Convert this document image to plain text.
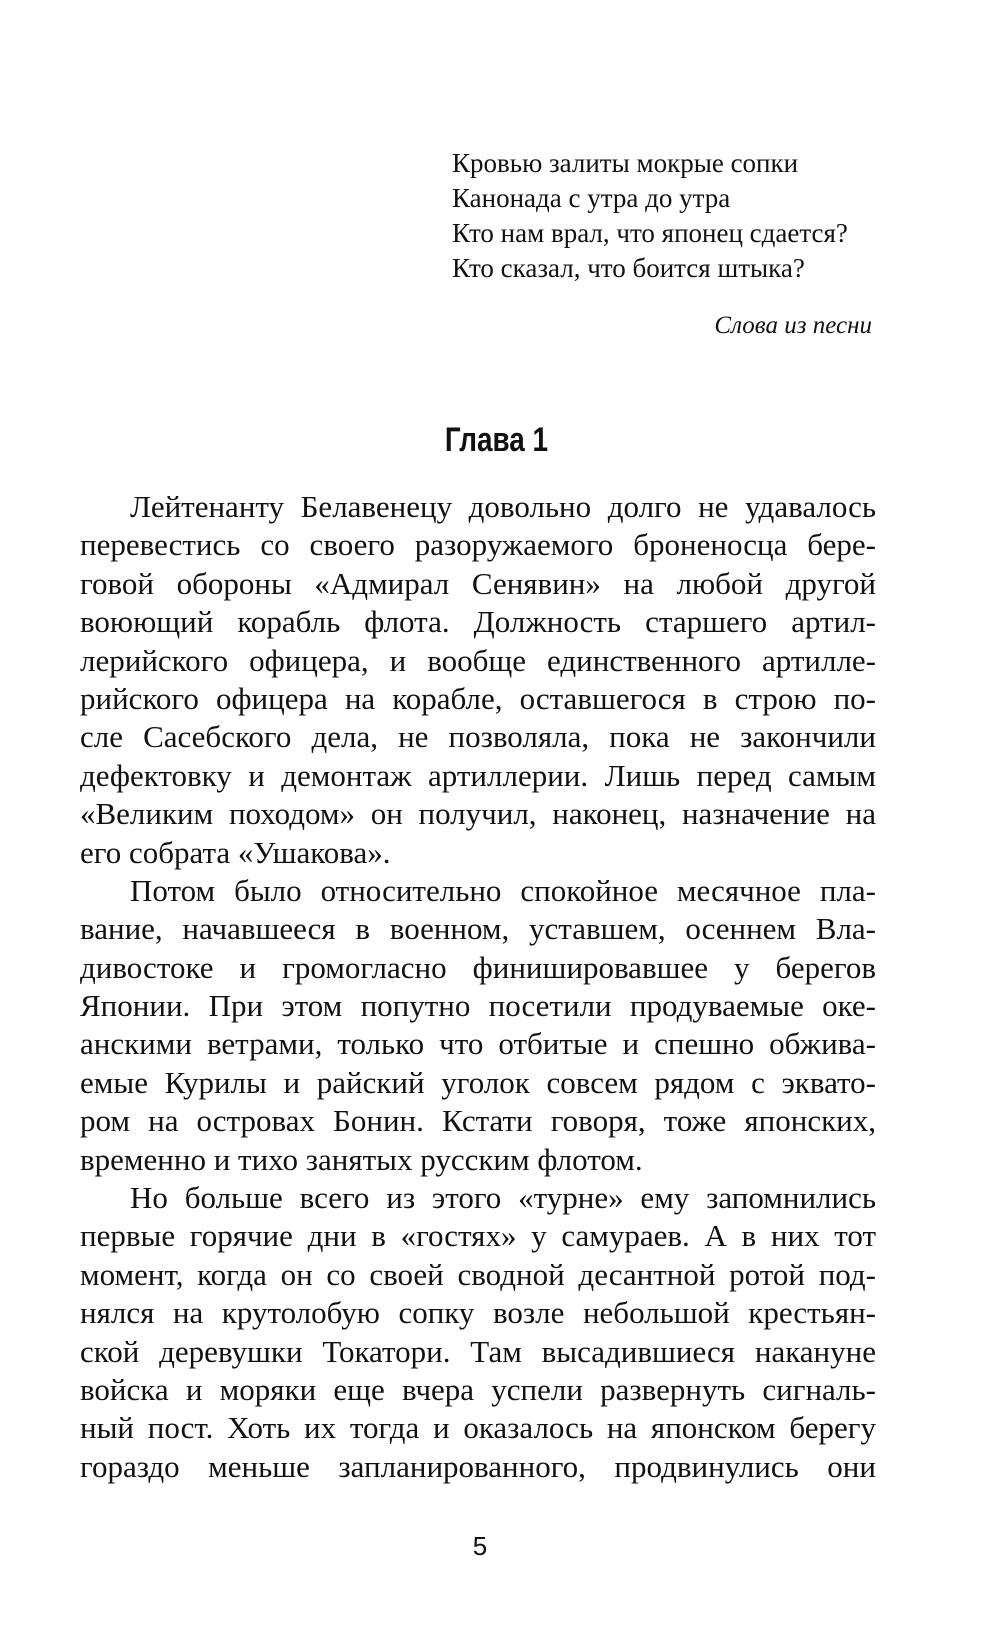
Кровью залиты мокрые сопки
Канонада с утра до утра
Кто нам врал, что японец сдается?
Кто сказал, что боится штыка?
Слова из песни
Глава 1
Лейтенанту Белавенецу довольно долго не удавалось
перевестись со своего разоружаемого броненосца бере-
говой обороны «Адмирал Сенявин» на любой другой
воюющий корабль флота. Должность старшего артил-
лерийского офицера, и вообще единственного артилле-
рийского офицера на корабле, оставшегося в строю по-
сле Сасебского дела, не позволяла, пока не закончили
дефектовку и демонтаж артиллерии. Лишь перед самым
«Великим походом» он получил, наконец, назначение на
его собрата «Ушакова».
Потом было относительно спокойное месячное пла-
вание, начавшееся в военном, уставшем, осеннем Вла-
дивостоке и громогласно финишировавшее у берегов
Японии. При этом попутно посетили продуваемые оке-
анскими ветрами, только что отбитые и спешно обжива-
емые Курилы и райский уголок совсем рядом с эквато-
ром на островах Бонин. Кстати говоря, тоже японских,
временно и тихо занятых русским флотом.
Но больше всего из этого «турне» ему запомнились
первые горячие дни в «гостях» у самураев. А в них тот
момент, когда он со своей сводной десантной ротой под-
нялся на крутолобую сопку возле небольшой крестьян-
ской деревушки Токатори. Там высадившиеся накануне
войска и моряки еще вчера успели развернуть сигналь-
ный пост. Хоть их тогда и оказалось на японском берегу
гораздо меньше запланированного, продвинулись они
5
